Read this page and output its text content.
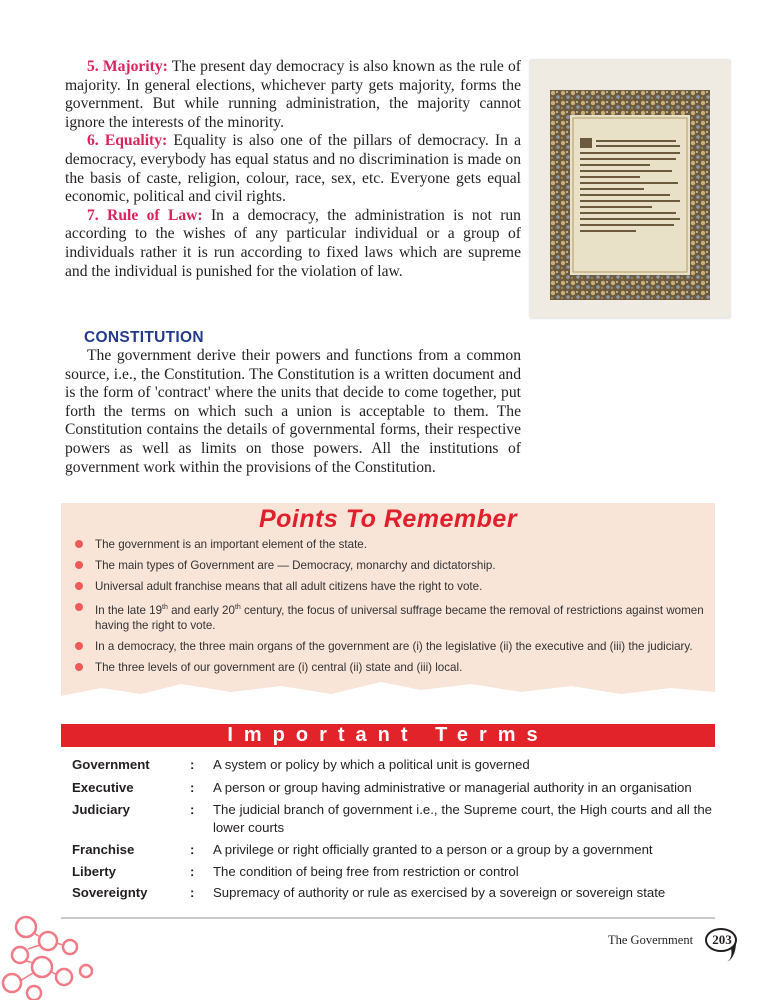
5. Majority: The present day democracy is also known as the rule of majority. In general elections, whichever party gets majority, forms the government. But while running administration, the majority cannot ignore the interests of the minority.

6. Equality: Equality is also one of the pillars of democracy. In a democracy, everybody has equal status and no discrimination is made on the basis of caste, religion, colour, race, sex, etc. Everyone gets equal economic, political and civil rights.

7. Rule of Law: In a democracy, the administration is not run according to the wishes of any particular individual or a group of individuals rather it is run according to fixed laws which are supreme and the individual is punished for the violation of law.

CONSTITUTION

The government derive their powers and functions from a common source, i.e., the Constitution. The Constitution is a written document and is the form of 'contract' where the units that decide to come together, put forth the terms on which such a union is acceptable to them. The Constitution contains the details of governmental forms, their respective powers as well as limits on those powers. All the institutions of government work within the provisions of the Constitution.

Points To Remember
The government is an important element of the state.
The main types of Government are — Democracy, monarchy and dictatorship.
Universal adult franchise means that all adult citizens have the right to vote.
In the late 19th and early 20th century, the focus of universal suffrage became the removal of restrictions against women having the right to vote.
In a democracy, the three main organs of the government are (i) the legislative (ii) the executive and (iii) the judiciary.
The three levels of our government are (i) central (ii) state and (iii) local.
Important Terms
Government	: A system or policy by which a political unit is governed
Executive	: A person or group having administrative or managerial authority in an organisation
Judiciary	: The judicial branch of government i.e., the Supreme court, the High courts and all the lower courts
Franchise	: A privilege or right officially granted to a person or a group by a government
Liberty	: The condition of being free from restriction or control
Sovereignty	: Supremacy of authority or rule as exercised by a sovereign or sovereign state
The Government	203
